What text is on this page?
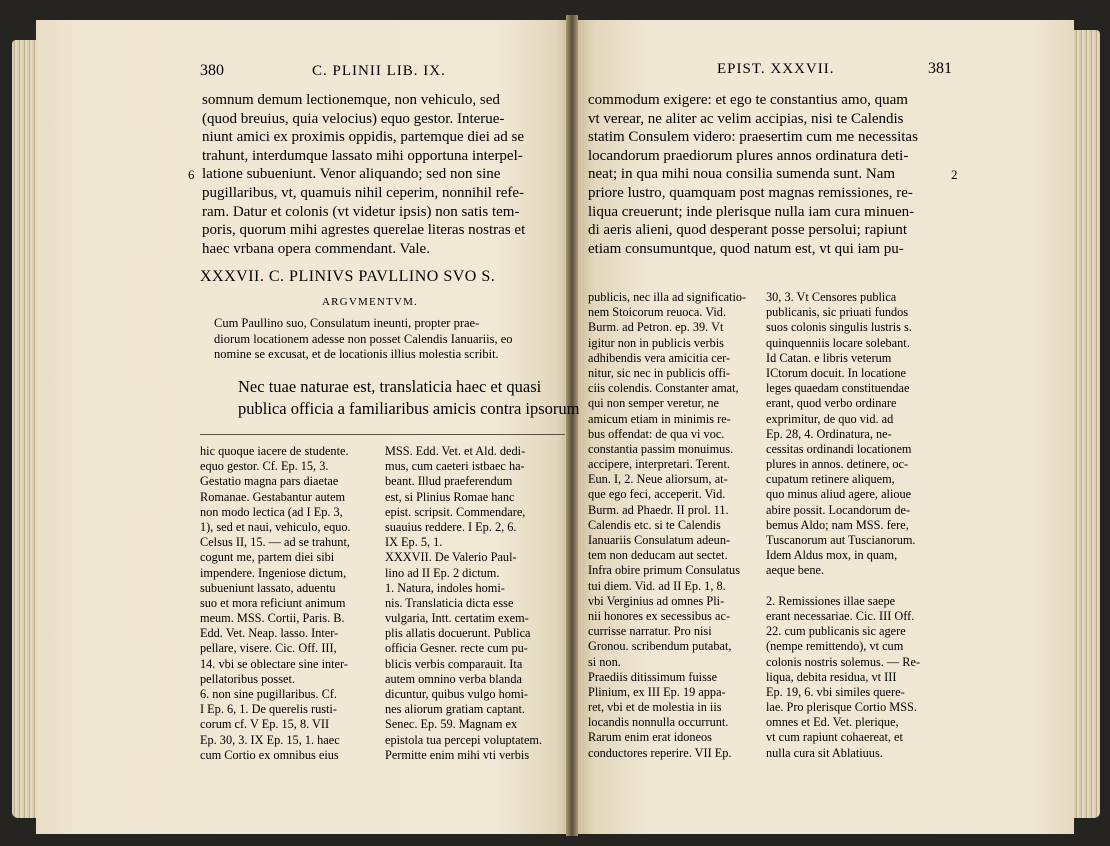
380	C. PLINII LIB. IX.
somnum demum lectionemque, non vehiculo, sed
(quod breuius, quia velocius) equo gestor. Interue-
niunt amici ex proximis oppidis, partemque diei ad se
trahunt, interdumque lassato mihi opportuna interpel-
latione subueniunt. Venor aliquando; sed non sine
pugillaribus, vt, quamuis nihil ceperim, nonnihil refe-
ram. Datur et colonis (vt videtur ipsis) non satis tem-
poris, quorum mihi agrestes querelae literas nostras et
haec vrbana opera commendant. Vale.
6
XXXVII. C. PLINIVS PAVLLINO SVO S.
ARGVMENTVM.
Cum Paullino suo, Consulatum ineunti, propter prae-
diorum locationem adesse non posset Calendis Ianuariis, eo
nomine se excusat, et de locationis illius molestia scribit.
Nec tuae naturae est, translaticia haec et quasi
publica officia a familiaribus amicis contra ipsorum
hic quoque iacere de studente.
equo gestor. Cf. Ep. 15, 3.
Gestatio magna pars diaetae
Romanae. Gestabantur autem
non modo lectica (ad I Ep. 3,
1), sed et naui, vehiculo, equo.
Celsus II, 15. — ad se trahunt,
cogunt me, partem diei sibi
impendere. Ingeniose dictum,
subueniunt lassato, aduentu
suo et mora reficiunt animum
meum. MSS. Cortii, Paris. B.
Edd. Vet. Neap. lasso. Inter-
pellare, visere. Cic. Off. III,
14. vbi se oblectare sine inter-
pellatoribus posset.
6. non sine pugillaribus. Cf.
I Ep. 6, 1. De querelis rusti-
corum cf. V Ep. 15, 8. VII
Ep. 30, 3. IX Ep. 15, 1. haec
cum Cortio ex omnibus eius
MSS. Edd. Vet. et Ald. dedi-
mus, cum caeteri istbaec ha-
beant. Illud praeferendum
est, si Plinius Romae hanc
epist. scripsit. Commendare,
suauius reddere. I Ep. 2, 6.
IX Ep. 5, 1.
XXXVII. De Valerio Paul-
lino ad II Ep. 2 dictum.
1. Natura, indoles homi-
nis. Translaticia dicta esse
vulgaria, Intt. certatim exem-
plis allatis docuerunt. Publica
officia Gesner. recte cum pu-
blicis verbis comparauit. Ita
autem omnino verba blanda
dicuntur, quibus vulgo homi-
nes aliorum gratiam captant.
Senec. Ep. 59. Magnam ex
epistola tua percepi voluptatem.
Permitte enim mihi vti verbis
EPIST. XXXVII.	381
commodum exigere: et ego te constantius amo, quam
vt verear, ne aliter ac velim accipias, nisi te Calendis
statim Consulem videro: praesertim cum me necessitas
locandorum praediorum plures annos ordinatura deti-
neat; in qua mihi noua consilia sumenda sunt. Nam
priore lustro, quamquam post magnas remissiones, re-
liqua creuerunt; inde plerisque nulla iam cura minuen-
di aeris alieni, quod desperant posse persolui; rapiunt
etiam consumuntque, quod natum est, vt qui iam pu-
2
publicis, nec illa ad significatio-
nem Stoicorum reuoca. Vid.
Burm. ad Petron. ep. 39. Vt
igitur non in publicis verbis
adhibendis vera amicitia cer-
nitur, sic nec in publicis offi-
ciis colendis. Constanter amat,
qui non semper veretur, ne
amicum etiam in minimis re-
bus offendat: de qua vi voc.
constantia passim monuimus.
accipere, interpretari. Terent.
Eun. I, 2. Neue aliorsum, at-
que ego feci, acceperit. Vid.
Burm. ad Phaedr. II prol. 11.
Calendis etc. si te Calendis
Ianuariis Consulatum adeun-
tem non deducam aut sectet.
Infra obire primum Consulatus
tui diem. Vid. ad II Ep. 1, 8.
vbi Verginius ad omnes Pli-
nii honores ex secessibus ac-
currisse narratur. Pro nisi
Gronou. scribendum putabat,
si non.
Praediis ditissimum fuisse
Plinium, ex III Ep. 19 appa-
ret, vbi et de molestia in iis
locandis nonnulla occurrunt.
Rarum enim erat idoneos
conductores reperire. VII Ep.
30, 3. Vt Censores publica
publicanis, sic priuati fundos
suos colonis singulis lustris s.
quinquenniis locare solebant.
Id Catan. e libris veterum
ICtorum docuit. In locatione
leges quaedam constituendae
erant, quod verbo ordinare
exprimitur, de quo vid. ad
Ep. 28, 4. Ordinatura, ne-
cessitas ordinandi locationem
plures in annos. detinere, oc-
cupatum retinere aliquem,
quo minus aliud agere, alioue
abire possit. Locandorum de-
bemus Aldo; nam MSS. fere,
Tuscanorum aut Tuscianorum.
Idem Aldus mox, in quam,
aeque bene.
2. Remissiones illae saepe
erant necessariae. Cic. III Off.
22. cum publicanis sic agere
(nempe remittendo), vt cum
colonis nostris solemus. — Re-
liqua, debita residua, vt III
Ep. 19, 6. vbi similes quere-
lae. Pro plerisque Cortio MSS.
omnes et Ed. Vet. plerique,
vt cum rapiunt cohaereat, et
nulla cura sit Ablatiuus.
